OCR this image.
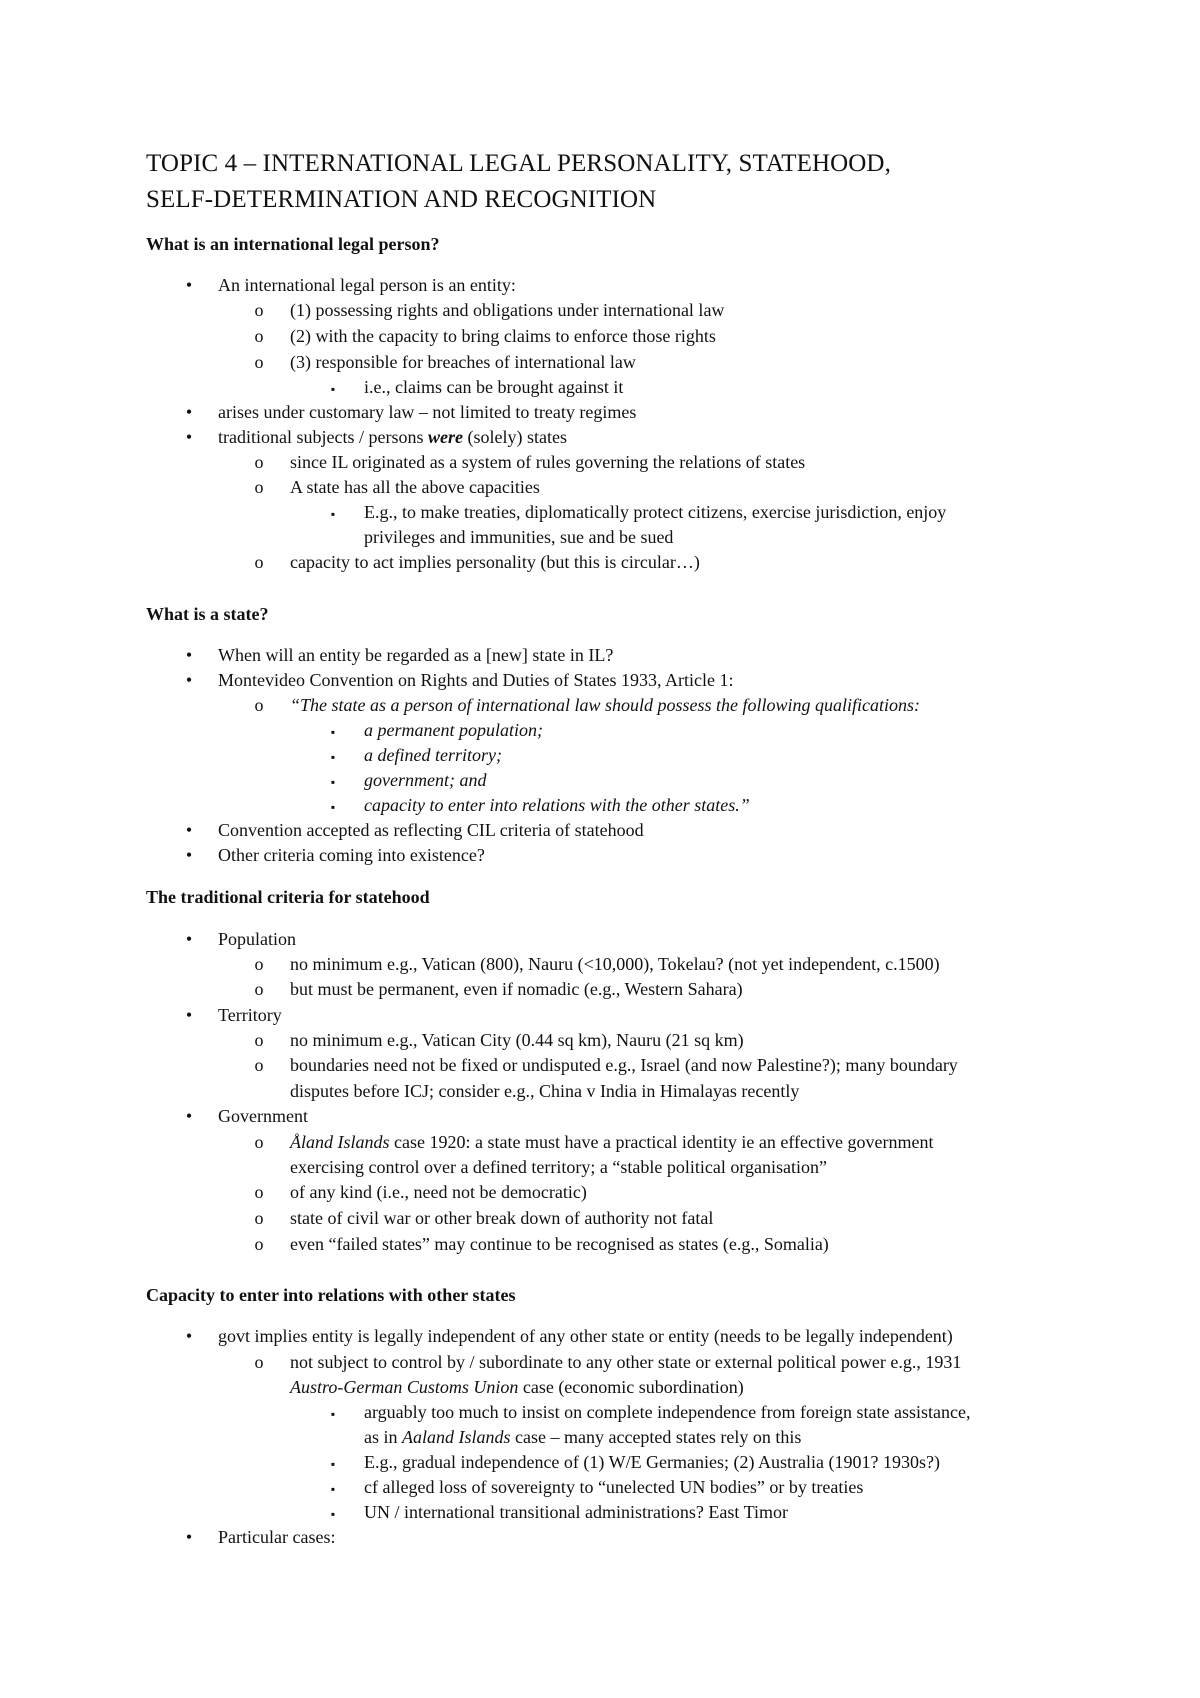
TOPIC 4 – INTERNATIONAL LEGAL PERSONALITY, STATEHOOD,
SELF-DETERMINATION AND RECOGNITION
What is an international legal person?
• An international legal person is an entity:
o (1) possessing rights and obligations under international law
o (2) with the capacity to bring claims to enforce those rights
o (3) responsible for breaches of international law
▪ i.e., claims can be brought against it
• arises under customary law – not limited to treaty regimes
• traditional subjects / persons were (solely) states
o since IL originated as a system of rules governing the relations of states
o A state has all the above capacities
▪ E.g., to make treaties, diplomatically protect citizens, exercise jurisdiction, enjoy
privileges and immunities, sue and be sued
o capacity to act implies personality (but this is circular…)
What is a state?
• When will an entity be regarded as a [new] state in IL?
• Montevideo Convention on Rights and Duties of States 1933, Article 1:
o “The state as a person of international law should possess the following qualifications:
▪ a permanent population;
▪ a defined territory;
▪ government; and
▪ capacity to enter into relations with the other states.”
• Convention accepted as reflecting CIL criteria of statehood
• Other criteria coming into existence?
The traditional criteria for statehood
• Population
o no minimum e.g., Vatican (800), Nauru (<10,000), Tokelau? (not yet independent, c.1500)
o but must be permanent, even if nomadic (e.g., Western Sahara)
• Territory
o no minimum e.g., Vatican City (0.44 sq km), Nauru (21 sq km)
o boundaries need not be fixed or undisputed e.g., Israel (and now Palestine?); many boundary
disputes before ICJ; consider e.g., China v India in Himalayas recently
• Government
o Åland Islands case 1920: a state must have a practical identity ie an effective government
exercising control over a defined territory; a “stable political organisation”
o of any kind (i.e., need not be democratic)
o state of civil war or other break down of authority not fatal
o even “failed states” may continue to be recognised as states (e.g., Somalia)
Capacity to enter into relations with other states
• govt implies entity is legally independent of any other state or entity (needs to be legally independent)
o not subject to control by / subordinate to any other state or external political power e.g., 1931
Austro-German Customs Union case (economic subordination)
▪ arguably too much to insist on complete independence from foreign state assistance,
as in Aaland Islands case – many accepted states rely on this
▪ E.g., gradual independence of (1) W/E Germanies; (2) Australia (1901? 1930s?)
▪ cf alleged loss of sovereignty to “unelected UN bodies” or by treaties
▪ UN / international transitional administrations? East Timor
• Particular cases:
